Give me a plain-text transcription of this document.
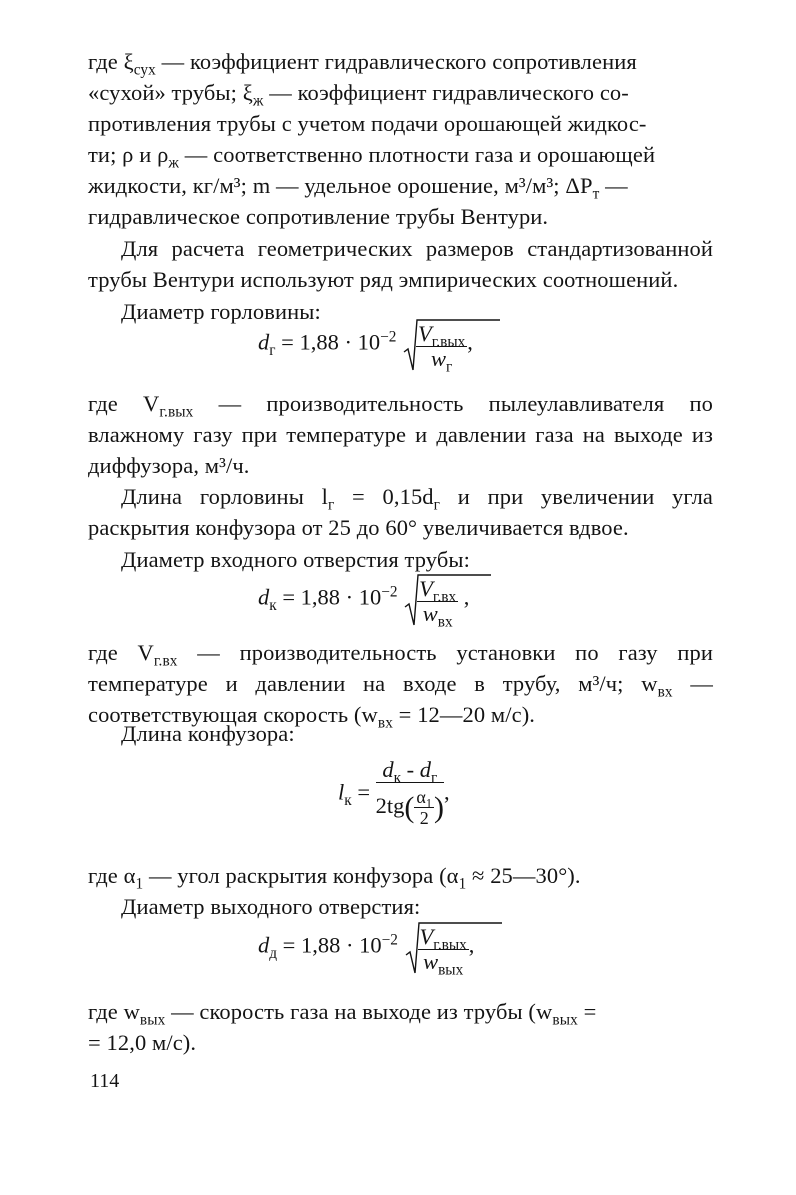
где $\xi_{сух}$ — коэффициент гидравлического сопротивления
«сухой» трубы; $\xi_ж$ — коэффициент гидравлического со-
противления трубы с учетом подачи орошающей жидкос-
ти; ρ и $\rho_ж$ — соответственно плотности газа и орошающей
жидкости, кг/м³; m — удельное орошение, м³/м³; $\Delta P_т$ —
гидравлическое сопротивление трубы Вентури.
Для расчета геометрических размеров стандартизованной трубы Вентури используют ряд эмпирических соотношений.
Диаметр горловины:
$d_г = 1,88 \cdot 10^{-2} \frac{V_{г.вых}}{w_г}$ ,
где $V_{г.вых}$ — производительность пылеулавливателя по влажному газу при температуре и давлении газа на выходе из диффузора, м³/ч.
Длина горловины $l_г = 0,15d_г$ и при увеличении угла раскрытия конфузора от 25 до 60° увеличивается вдвое.
Диаметр входного отверстия трубы:
$d_к = 1,88 \cdot 10^{-2} \frac{V_{г.вх}}{w_{вх}}$ ,
где $V_{г.вх}$ — производительность установки по газу при температуре и давлении на входе в трубу, м³/ч; $w_{вх}$ — соответствующая скорость ($w_{вх}$ = 12—20 м/с).
Длина конфузора:
$l_к = \frac{d_к - d_г}{2tg( \frac{\alpha_1}{2} )}$ ,
где $\alpha_1$ — угол раскрытия конфузора ($\alpha_1$ ≈ 25—30°).
Диаметр выходного отверстия:
$d_д = 1,88 \cdot 10^{-2} \frac{V_{г.вых}}{w_{вых}}$ ,
где $w_{вых}$ — скорость газа на выходе из трубы ($w_{вых}$ =
= 12,0 м/с).
114
